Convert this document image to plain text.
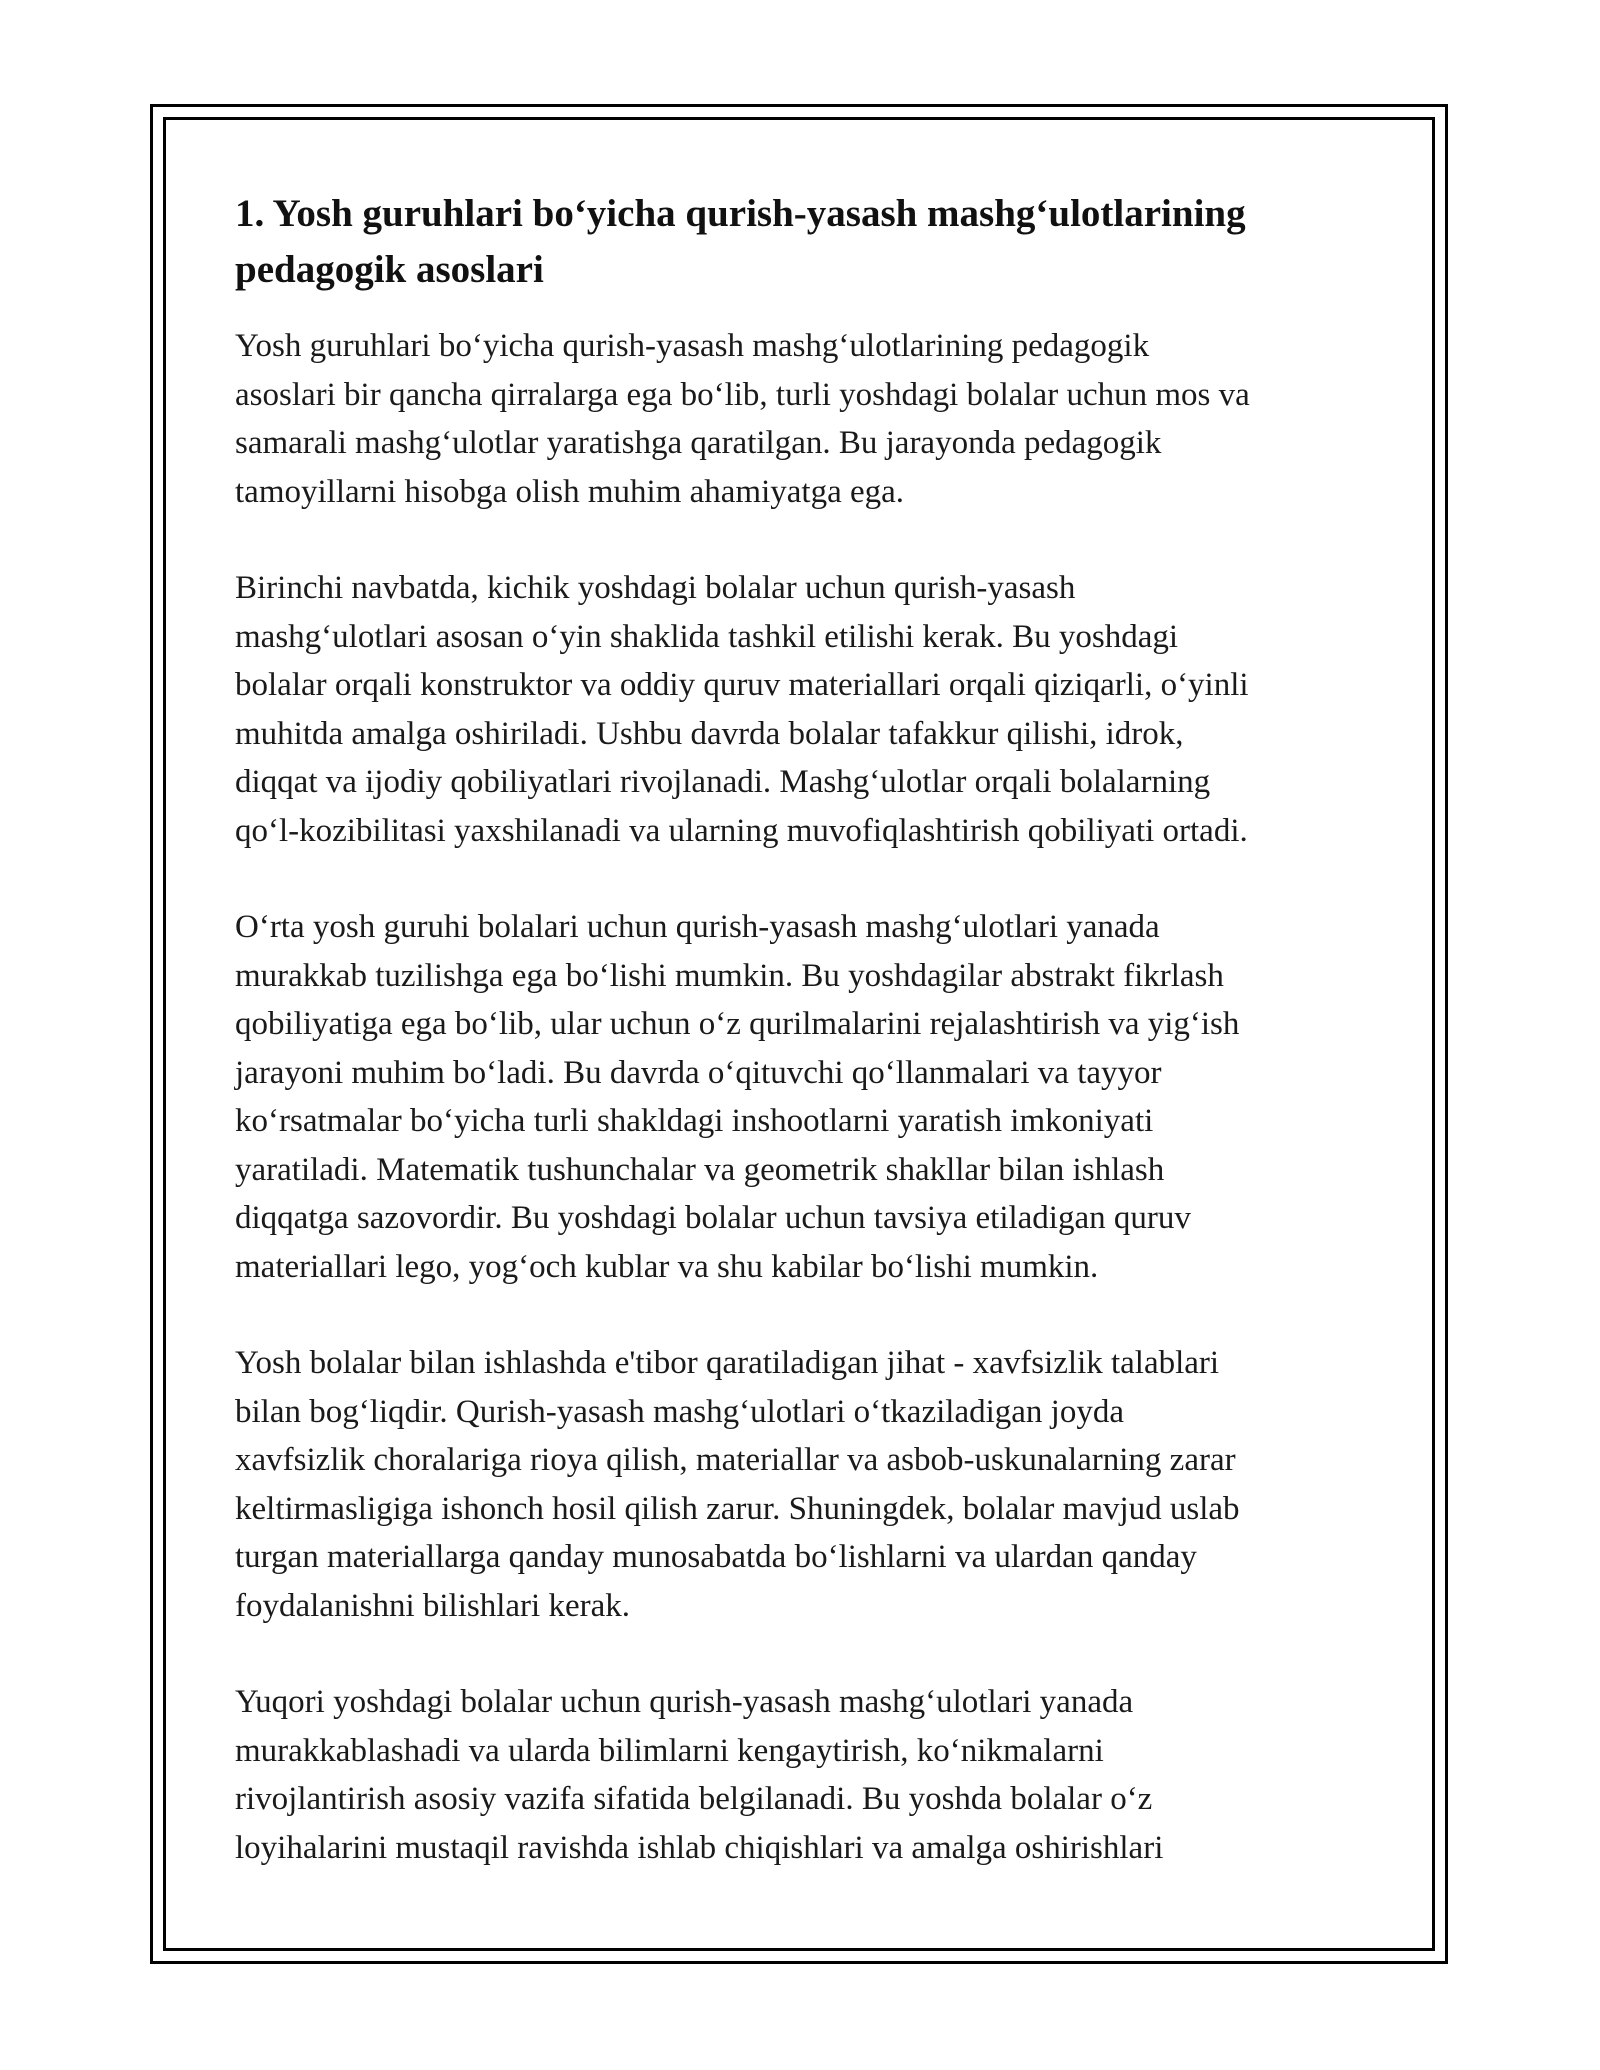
1. Yosh guruhlari bo‘yicha qurish-yasash mashg‘ulotlarining
pedagogik asoslari

Yosh guruhlari bo‘yicha qurish-yasash mashg‘ulotlarining pedagogik
asoslari bir qancha qirralarga ega bo‘lib, turli yoshdagi bolalar uchun mos va
samarali mashg‘ulotlar yaratishga qaratilgan. Bu jarayonda pedagogik
tamoyillarni hisobga olish muhim ahamiyatga ega.

Birinchi navbatda, kichik yoshdagi bolalar uchun qurish-yasash
mashg‘ulotlari asosan o‘yin shaklida tashkil etilishi kerak. Bu yoshdagi
bolalar orqali konstruktor va oddiy quruv materiallari orqali qiziqarli, o‘yinli
muhitda amalga oshiriladi. Ushbu davrda bolalar tafakkur qilishi, idrok,
diqqat va ijodiy qobiliyatlari rivojlanadi. Mashg‘ulotlar orqali bolalarning
qo‘l-kozibilitasi yaxshilanadi va ularning muvofiqlashtirish qobiliyati ortadi.

O‘rta yosh guruhi bolalari uchun qurish-yasash mashg‘ulotlari yanada
murakkab tuzilishga ega bo‘lishi mumkin. Bu yoshdagilar abstrakt fikrlash
qobiliyatiga ega bo‘lib, ular uchun o‘z qurilmalarini rejalashtirish va yig‘ish
jarayoni muhim bo‘ladi. Bu davrda o‘qituvchi qo‘llanmalari va tayyor
ko‘rsatmalar bo‘yicha turli shakldagi inshootlarni yaratish imkoniyati
yaratiladi. Matematik tushunchalar va geometrik shakllar bilan ishlash
diqqatga sazovordir. Bu yoshdagi bolalar uchun tavsiya etiladigan quruv
materiallari lego, yog‘och kublar va shu kabilar bo‘lishi mumkin.

Yosh bolalar bilan ishlashda e'tibor qaratiladigan jihat - xavfsizlik talablari
bilan bog‘liqdir. Qurish-yasash mashg‘ulotlari o‘tkaziladigan joyda
xavfsizlik choralariga rioya qilish, materiallar va asbob-uskunalarning zarar
keltirmasligiga ishonch hosil qilish zarur. Shuningdek, bolalar mavjud uslab
turgan materiallarga qanday munosabatda bo‘lishlarni va ulardan qanday
foydalanishni bilishlari kerak.

Yuqori yoshdagi bolalar uchun qurish-yasash mashg‘ulotlari yanada
murakkablashadi va ularda bilimlarni kengaytirish, ko‘nikmalarni
rivojlantirish asosiy vazifa sifatida belgilanadi. Bu yoshda bolalar o‘z
loyihalarini mustaqil ravishda ishlab chiqishlari va amalga oshirishlari
